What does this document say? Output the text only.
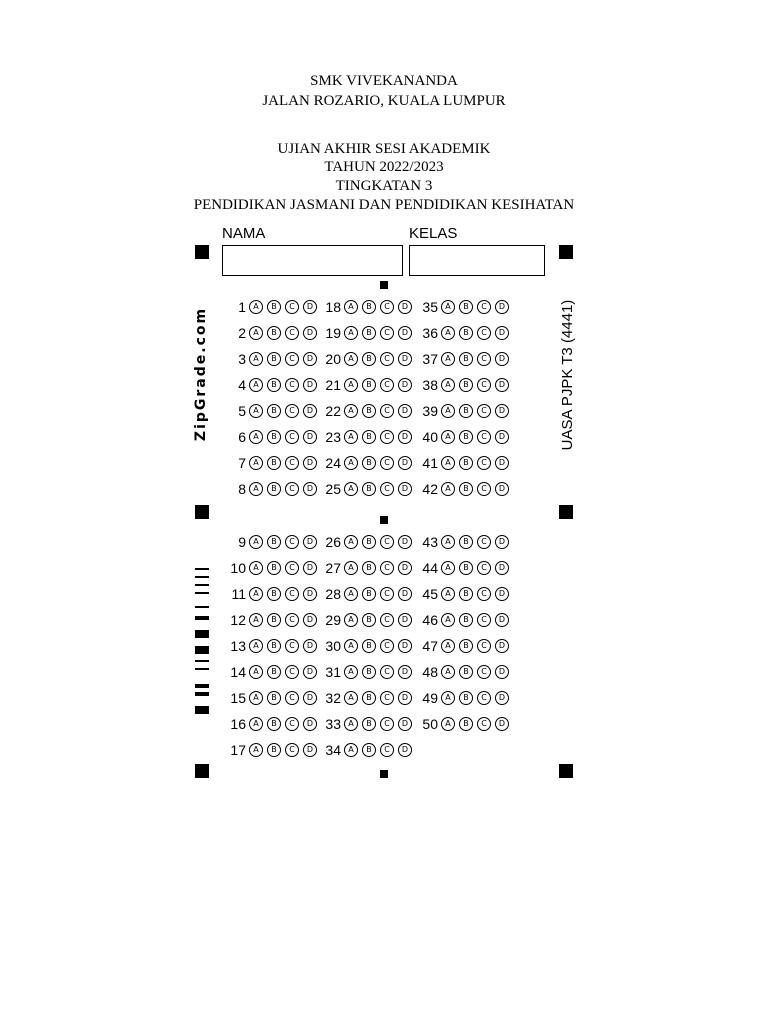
SMK VIVEKANANDA
JALAN ROZARIO, KUALA LUMPUR
UJIAN AKHIR SESI AKADEMIK
TAHUN 2022/2023
TINGKATAN 3
PENDIDIKAN JASMANI DAN PENDIDIKAN KESIHATAN
NAMA	KELAS
ZipGrade.com	UASA PJPK T3 (4441)
1 A	B	C	D 18 A	B	C	D	35 A	B	C	D
2 A	B	C	D 19 A	B	C	D	36 A	B	C	D
3 A	B	C	D 20 A	B	C	D	37 A	B	C	D
4 A	B	C	D 21 A	B	C	D	38 A	B	C	D
5 A	B	C	D 22 A	B	C	D	39 A	B	C	D
6 A	B	C	D 23 A	B	C	D	40 A	B	C	D
7 A	B	C	D 24 A	B	C	D	41 A	B	C	D
8 A	B	C	D 25 A	B	C	D	42 A	B	C	D
9 A	B	C	D 26 A	B	C	D	43 A	B	C	D
10 A	B	C	D 27 A	B	C	D	44 A	B	C	D
11 A	B	C	D 28 A	B	C	D	45 A	B	C	D
12 A	B	C	D 29 A	B	C	D	46 A	B	C	D
13 A	B	C	D 30 A	B	C	D	47 A	B	C	D
14 A	B	C	D 31 A	B	C	D	48 A	B	C	D
15 A	B	C	D 32 A	B	C	D	49 A	B	C	D
16 A	B	C	D 33 A	B	C	D	50 A	B	C	D
17 A	B	C	D 34 A	B	C	D
